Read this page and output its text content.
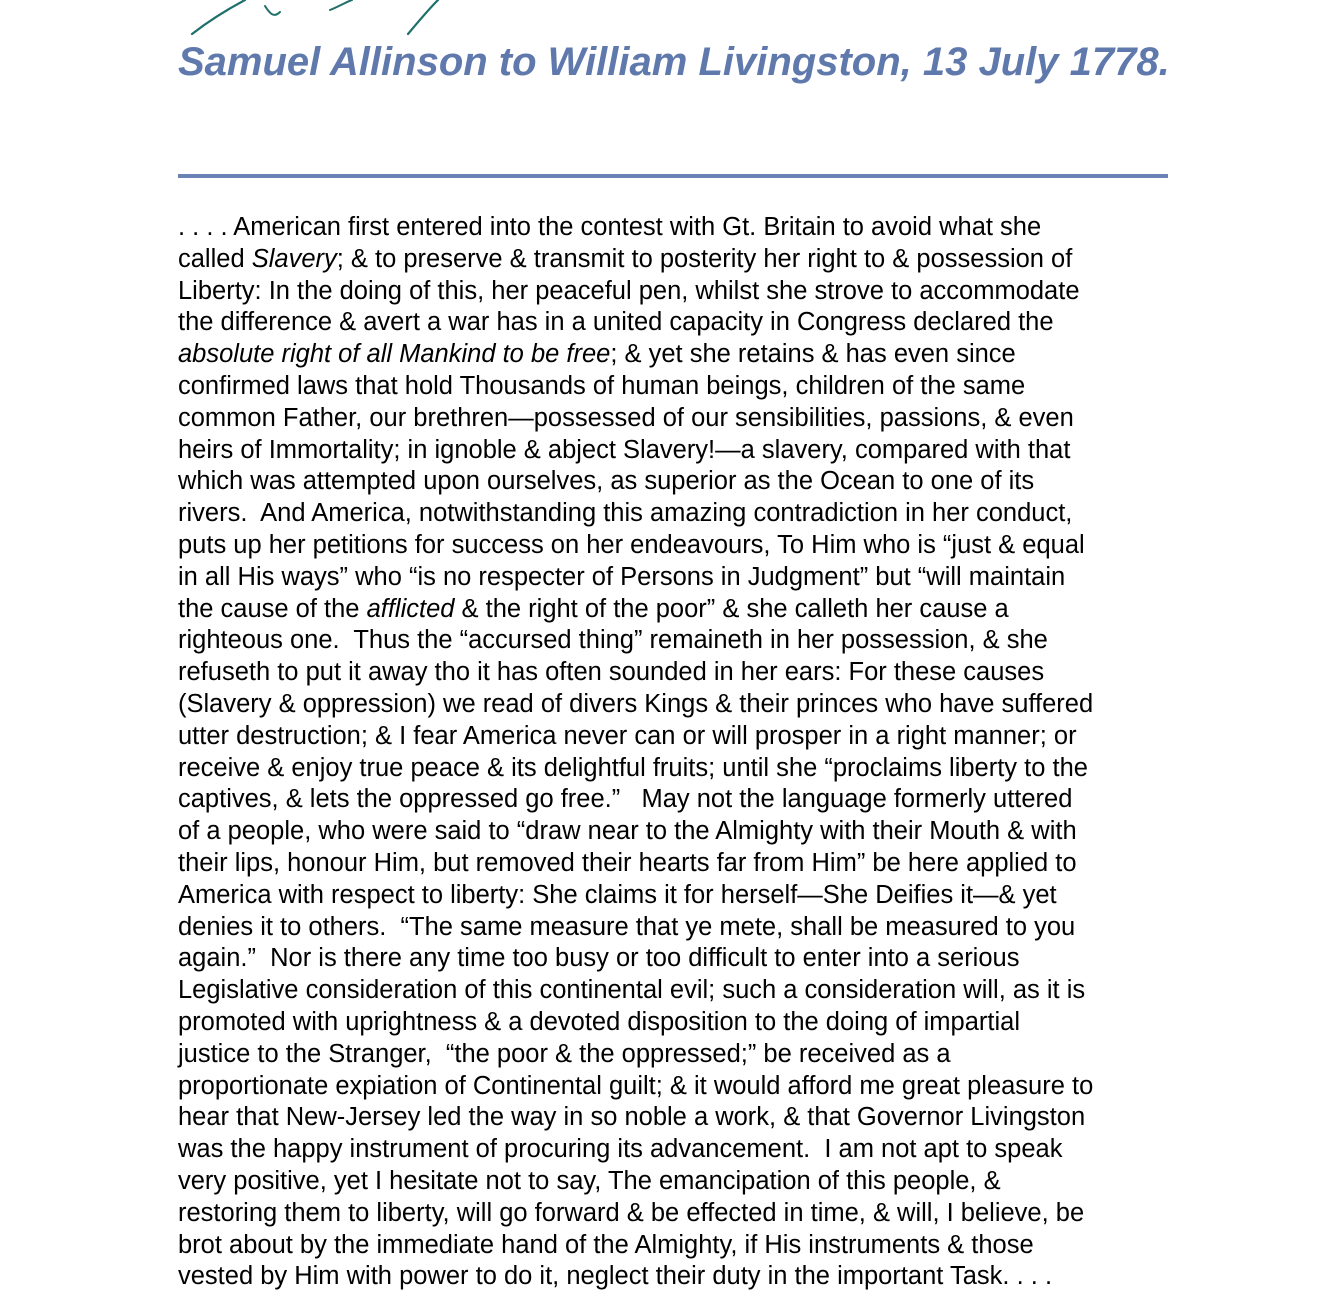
Samuel Allinson to William Livingston, 13 July 1778.
. . . . American first entered into the contest with Gt. Britain to avoid what she
called Slavery; & to preserve & transmit to posterity her right to & possession of
Liberty: In the doing of this, her peaceful pen, whilst she strove to accommodate
the difference & avert a war has in a united capacity in Congress declared the
absolute right of all Mankind to be free; & yet she retains & has even since
confirmed laws that hold Thousands of human beings, children of the same
common Father, our brethren—possessed of our sensibilities, passions, & even
heirs of Immortality; in ignoble & abject Slavery!—a slavery, compared with that
which was attempted upon ourselves, as superior as the Ocean to one of its
rivers.  And America, notwithstanding this amazing contradiction in her conduct,
puts up her petitions for success on her endeavours, To Him who is “just & equal
in all His ways” who “is no respecter of Persons in Judgment” but “will maintain
the cause of the afflicted & the right of the poor” & she calleth her cause a
righteous one.  Thus the “accursed thing” remaineth in her possession, & she
refuseth to put it away tho it has often sounded in her ears: For these causes
(Slavery & oppression) we read of divers Kings & their princes who have suffered
utter destruction; & I fear America never can or will prosper in a right manner; or
receive & enjoy true peace & its delightful fruits; until she “proclaims liberty to the
captives, & lets the oppressed go free.”   May not the language formerly uttered
of a people, who were said to “draw near to the Almighty with their Mouth & with
their lips, honour Him, but removed their hearts far from Him” be here applied to
America with respect to liberty: She claims it for herself—She Deifies it—& yet
denies it to others.  “The same measure that ye mete, shall be measured to you
again.”  Nor is there any time too busy or too difficult to enter into a serious
Legislative consideration of this continental evil; such a consideration will, as it is
promoted with uprightness & a devoted disposition to the doing of impartial
justice to the Stranger,  “the poor & the oppressed;” be received as a
proportionate expiation of Continental guilt; & it would afford me great pleasure to
hear that New-Jersey led the way in so noble a work, & that Governor Livingston
was the happy instrument of procuring its advancement.  I am not apt to speak
very positive, yet I hesitate not to say, The emancipation of this people, &
restoring them to liberty, will go forward & be effected in time, & will, I believe, be
brot about by the immediate hand of the Almighty, if His instruments & those
vested by Him with power to do it, neglect their duty in the important Task. . . .
